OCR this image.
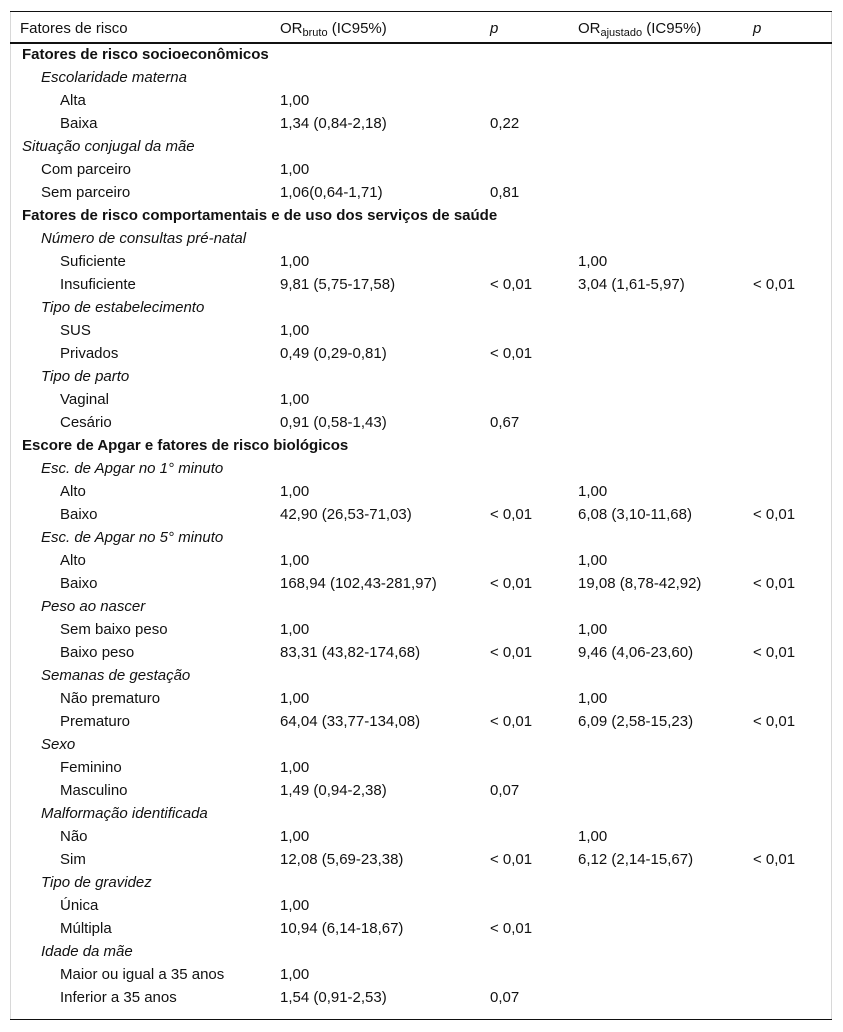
Fatores de risco	$OR_{bruto}$ (IC95%)	p	$OR_{ajustado}$ (IC95%)	p
Fatores de risco socioeconômicos				
Escolaridade materna				
Alta	1,00			
Baixa	1,34 (0,84-2,18)	0,22		
Situação conjugal da mãe				
Com parceiro	1,00			
Sem parceiro	1,06(0,64-1,71)	0,81		
Fatores de risco comportamentais e de uso dos serviços de saúde				
Número de consultas pré-natal				
Suficiente	1,00		1,00	
Insuficiente	9,81 (5,75-17,58)	< 0,01	3,04 (1,61-5,97)	< 0,01
Tipo de estabelecimento				
SUS	1,00			
Privados	0,49 (0,29-0,81)	< 0,01		
Tipo de parto				
Vaginal	1,00			
Cesário	0,91 (0,58-1,43)	0,67		
Escore de Apgar e fatores de risco biológicos				
Esc. de Apgar no 1° minuto				
Alto	1,00		1,00	
Baixo	42,90 (26,53-71,03)	< 0,01	6,08 (3,10-11,68)	< 0,01
Esc. de Apgar no 5° minuto				
Alto	1,00		1,00	
Baixo	168,94 (102,43-281,97)	< 0,01	19,08 (8,78-42,92)	< 0,01
Peso ao nascer				
Sem baixo peso	1,00		1,00	
Baixo peso	83,31 (43,82-174,68)	< 0,01	9,46 (4,06-23,60)	< 0,01
Semanas de gestação				
Não prematuro	1,00		1,00	
Prematuro	64,04 (33,77-134,08)	< 0,01	6,09 (2,58-15,23)	< 0,01
Sexo				
Feminino	1,00			
Masculino	1,49 (0,94-2,38)	0,07		
Malformação identificada				
Não	1,00		1,00	
Sim	12,08 (5,69-23,38)	< 0,01	6,12 (2,14-15,67)	< 0,01
Tipo de gravidez				
Única	1,00			
Múltipla	10,94 (6,14-18,67)	< 0,01		
Idade da mãe				
Maior ou igual a 35 anos	1,00			
Inferior a 35 anos	1,54 (0,91-2,53)	0,07		
